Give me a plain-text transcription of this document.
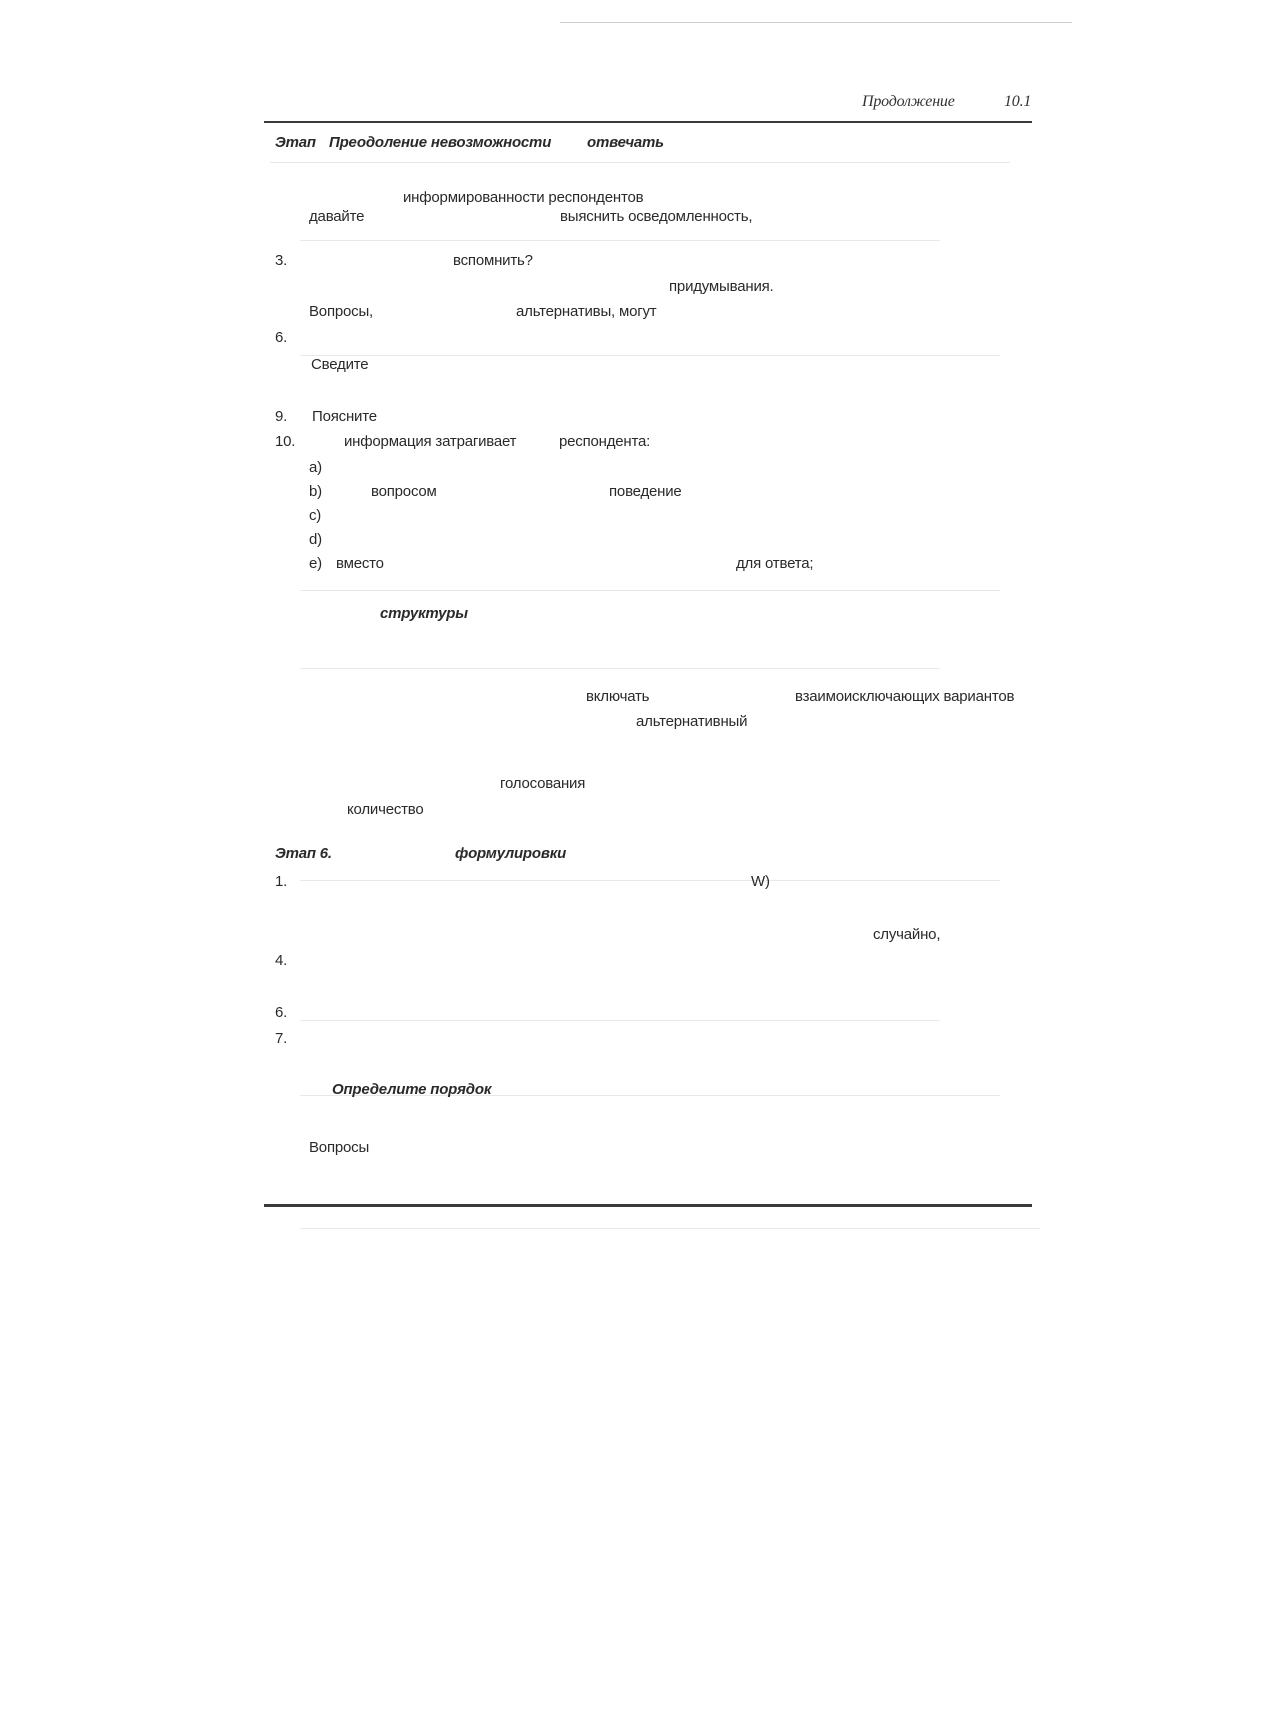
Продолжение	10.1
Этап Преодоление невозможности отвечать
информированности респондентов
давайте	выяснить осведомленность,
3.	вспомнить?
придумывания.
Вопросы,	альтернативы, могут
6.
Сведите
9. Поясните
10.	информация затрагивает	респондента:
a)
b)	вопросом	поведение
c)
d)
e) вместо	для ответа;
структуры
включать	взаимоисключающих вариантов
альтернативный
голосования
количество
Этап 6.	формулировки
1.	W)
случайно,
4.
6.
7.
Определите порядок
Вопросы
